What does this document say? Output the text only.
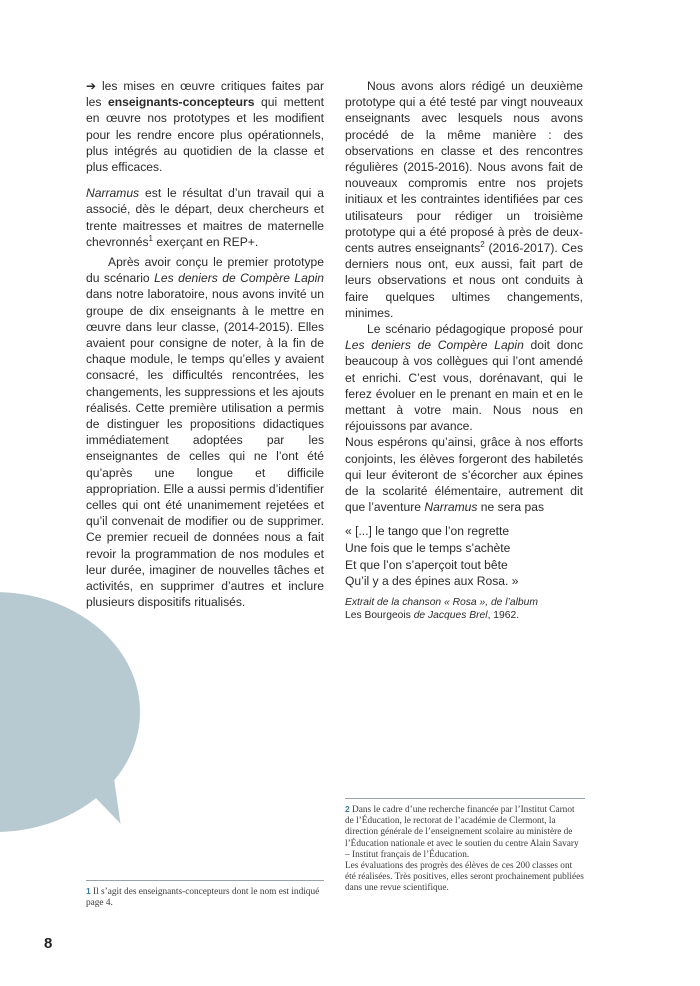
➔ les mises en œuvre critiques faites par les enseignants-concepteurs qui mettent en œuvre nos prototypes et les modifient pour les rendre encore plus opérationnels, plus intégrés au quotidien de la classe et plus efficaces.

Narramus est le résultat d’un travail qui a associé, dès le départ, deux chercheurs et trente maitresses et maitres de maternelle chevronnés$^1$ exerçant en REP+.

Après avoir conçu le premier prototype du scénario Les deniers de Compère Lapin dans notre laboratoire, nous avons invité un groupe de dix enseignants à le mettre en œuvre dans leur classe, (2014-2015). Elles avaient pour consigne de noter, à la fin de chaque module, le temps qu’elles y avaient consacré, les difficultés rencontrées, les changements, les suppressions et les ajouts réalisés. Cette première utilisation a permis de distinguer les propositions didactiques immédiatement adoptées par les enseignantes de celles qui ne l’ont été qu’après une longue et difficile appropriation. Elle a aussi permis d’identifier celles qui ont été unanimement rejetées et qu’il convenait de modifier ou de supprimer. Ce premier recueil de données nous a fait revoir la programmation de nos modules et leur durée, imaginer de nouvelles tâches et activités, en supprimer d’autres et inclure plusieurs dispositifs ritualisés.

Nous avons alors rédigé un deuxième prototype qui a été testé par vingt nouveaux enseignants avec lesquels nous avons procédé de la même manière : des observations en classe et des rencontres régulières (2015-2016). Nous avons fait de nouveaux compromis entre nos projets initiaux et les contraintes identifiées par ces utilisateurs pour rédiger un troisième prototype qui a été proposé à près de deux-cents autres enseignants$^2$ (2016-2017). Ces derniers nous ont, eux aussi, fait part de leurs observations et nous ont conduits à faire quelques ultimes changements, minimes.

Le scénario pédagogique proposé pour Les deniers de Compère Lapin doit donc beaucoup à vos collègues qui l’ont amendé et enrichi. C’est vous, dorénavant, qui le ferez évoluer en le prenant en main et en le mettant à votre main. Nous nous en réjouissons par avance.

Nous espérons qu’ainsi, grâce à nos efforts conjoints, les élèves forgeront des habiletés qui leur éviteront de s’écorcher aux épines de la scolarité élémentaire, autrement dit que l’aventure Narramus ne sera pas

« [...] le tango que l’on regrette
Une fois que le temps s’achète
Et que l’on s’aperçoit tout bête
Qu’il y a des épines aux Rosa. »

Extrait de la chanson « Rosa », de l’album
Les Bourgeois de Jacques Brel, 1962.

2 Dans le cadre d’une recherche financée par l’Institut Carnot de l’Éducation, le rectorat de l’académie de Clermont, la direction générale de l’enseignement scolaire au ministère de l’Éducation nationale et avec le soutien du centre Alain Savary – Institut français de l’Éducation.
Les évaluations des progrès des élèves de ces 200 classes ont été réalisées. Très positives, elles seront prochainement publiées dans une revue scientifique.
1 Il s’agit des enseignants-concepteurs dont le nom est indiqué page 4.
8
